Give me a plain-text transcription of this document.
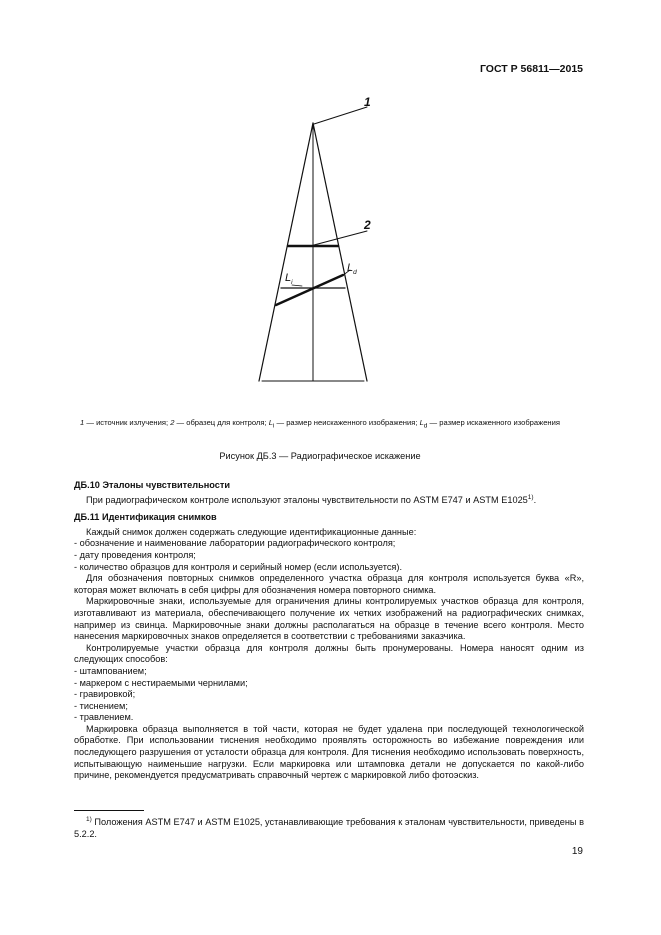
ГОСТ Р 56811—2015
1
2
$L_i$
$L_d$
1 — источник излучения; 2 — образец для контроля; $L_i$ — размер неискаженного изображения; $L_d$ — размер искаженного изображения
Рисунок ДБ.3 — Радиографическое искажение

ДБ.10 Эталоны чувствительности

При радиографическом контроле используют эталоны чувствительности по ASTM E747 и ASTM E1025$^{1)}$.

ДБ.11 Идентификация снимков

Каждый снимок должен содержать следующие идентификационные данные:

- обозначение и наименование лаборатории радиографического контроля;

- дату проведения контроля;

- количество образцов для контроля и серийный номер (если используется).

Для обозначения повторных снимков определенного участка образца для контроля используется буква «R», которая может включать в себя цифры для обозначения номера повторного снимка.

Маркировочные знаки, используемые для ограничения длины контролируемых участков образца для контроля, изготавливают из материала, обеспечивающего получение их четких изображений на радиографических снимках, например из свинца. Маркировочные знаки должны располагаться на образце в течение всего контроля. Место нанесения маркировочных знаков определяется в соответствии с требованиями заказчика.

Контролируемые участки образца для контроля должны быть пронумерованы. Номера наносят одним из следующих способов:

- штампованием;

- маркером с нестираемыми чернилами;

- гравировкой;

- тиснением;

- травлением.

Маркировка образца выполняется в той части, которая не будет удалена при последующей технологической обработке. При использовании тиснения необходимо проявлять осторожность во избежание повреждения или последующего разрушения от усталости образца для контроля. Для тиснения необходимо использовать поверхность, испытывающую наименьшие нагрузки. Если маркировка или штамповка детали не допускается по какой-либо причине, рекомендуется предусматривать справочный чертеж с маркировкой либо фотоэскиз.

$^{1)}$ Положения ASTM E747 и ASTM E1025, устанавливающие требования к эталонам чувствительности, приведены в 5.2.2.
19
